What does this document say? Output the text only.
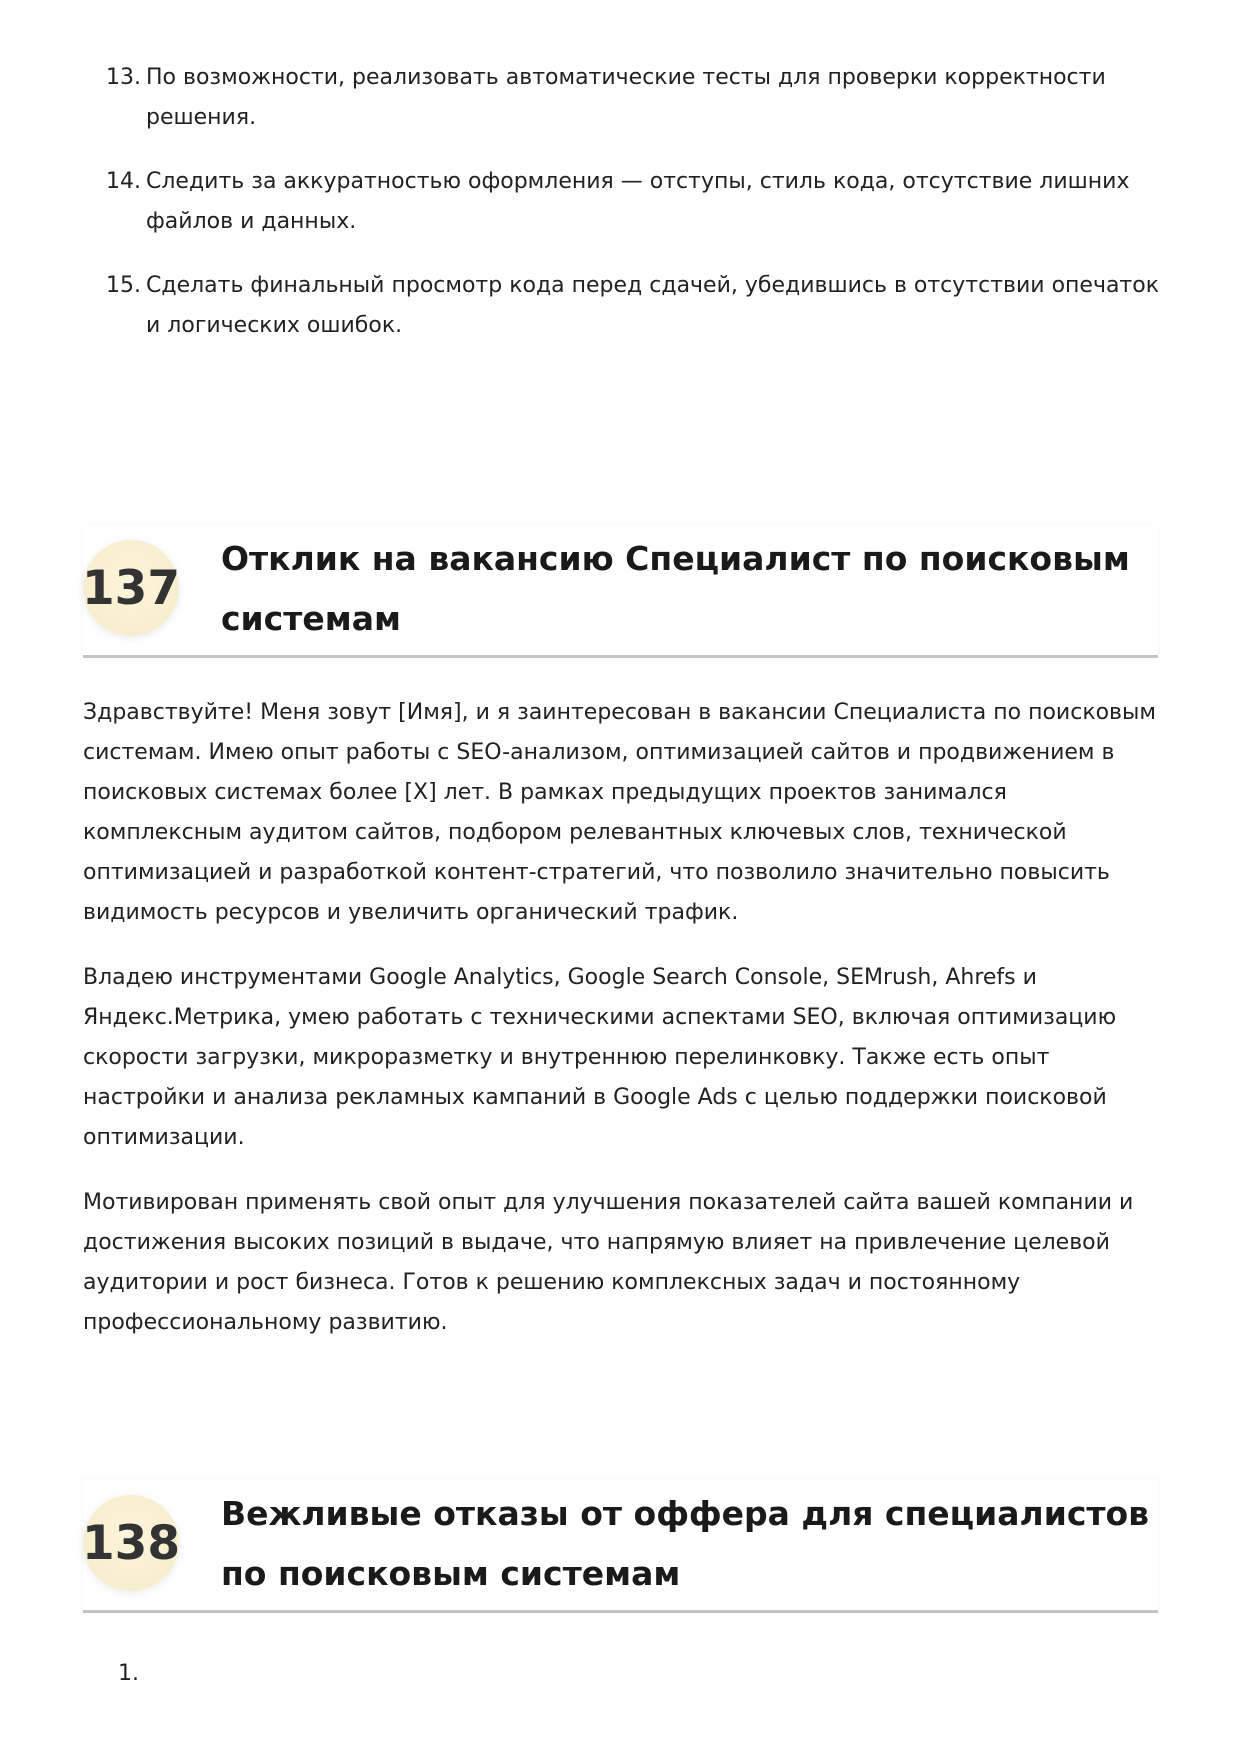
13. По возможности, реализовать автоматические тесты для проверки корректности решения.
14. Следить за аккуратностью оформления — отступы, стиль кода, отсутствие лишних файлов и данных.
15. Сделать финальный просмотр кода перед сдачей, убедившись в отсутствии опечаток и логических ошибок.
137
Отклик на вакансию Специалист по поисковым системам

Здравствуйте! Меня зовут [Имя], и я заинтересован в вакансии Специалиста по поисковым системам. Имею опыт работы с SEO-анализом, оптимизацией сайтов и продвижением в поисковых системах более [X] лет. В рамках предыдущих проектов занимался комплексным аудитом сайтов, подбором релевантных ключевых слов, технической оптимизацией и разработкой контент-стратегий, что позволило значительно повысить видимость ресурсов и увеличить органический трафик.

Владею инструментами Google Analytics, Google Search Console, SEMrush, Ahrefs и Яндекс.Метрика, умею работать с техническими аспектами SEO, включая оптимизацию скорости загрузки, микроразметку и внутреннюю перелинковку. Также есть опыт настройки и анализа рекламных кампаний в Google Ads с целью поддержки поисковой оптимизации.

Мотивирован применять свой опыт для улучшения показателей сайта вашей компании и достижения высоких позиций в выдаче, что напрямую влияет на привлечение целевой аудитории и рост бизнеса. Готов к решению комплексных задач и постоянному профессиональному развитию.

138
Вежливые отказы от оффера для специалистов по поисковым системам
1.
